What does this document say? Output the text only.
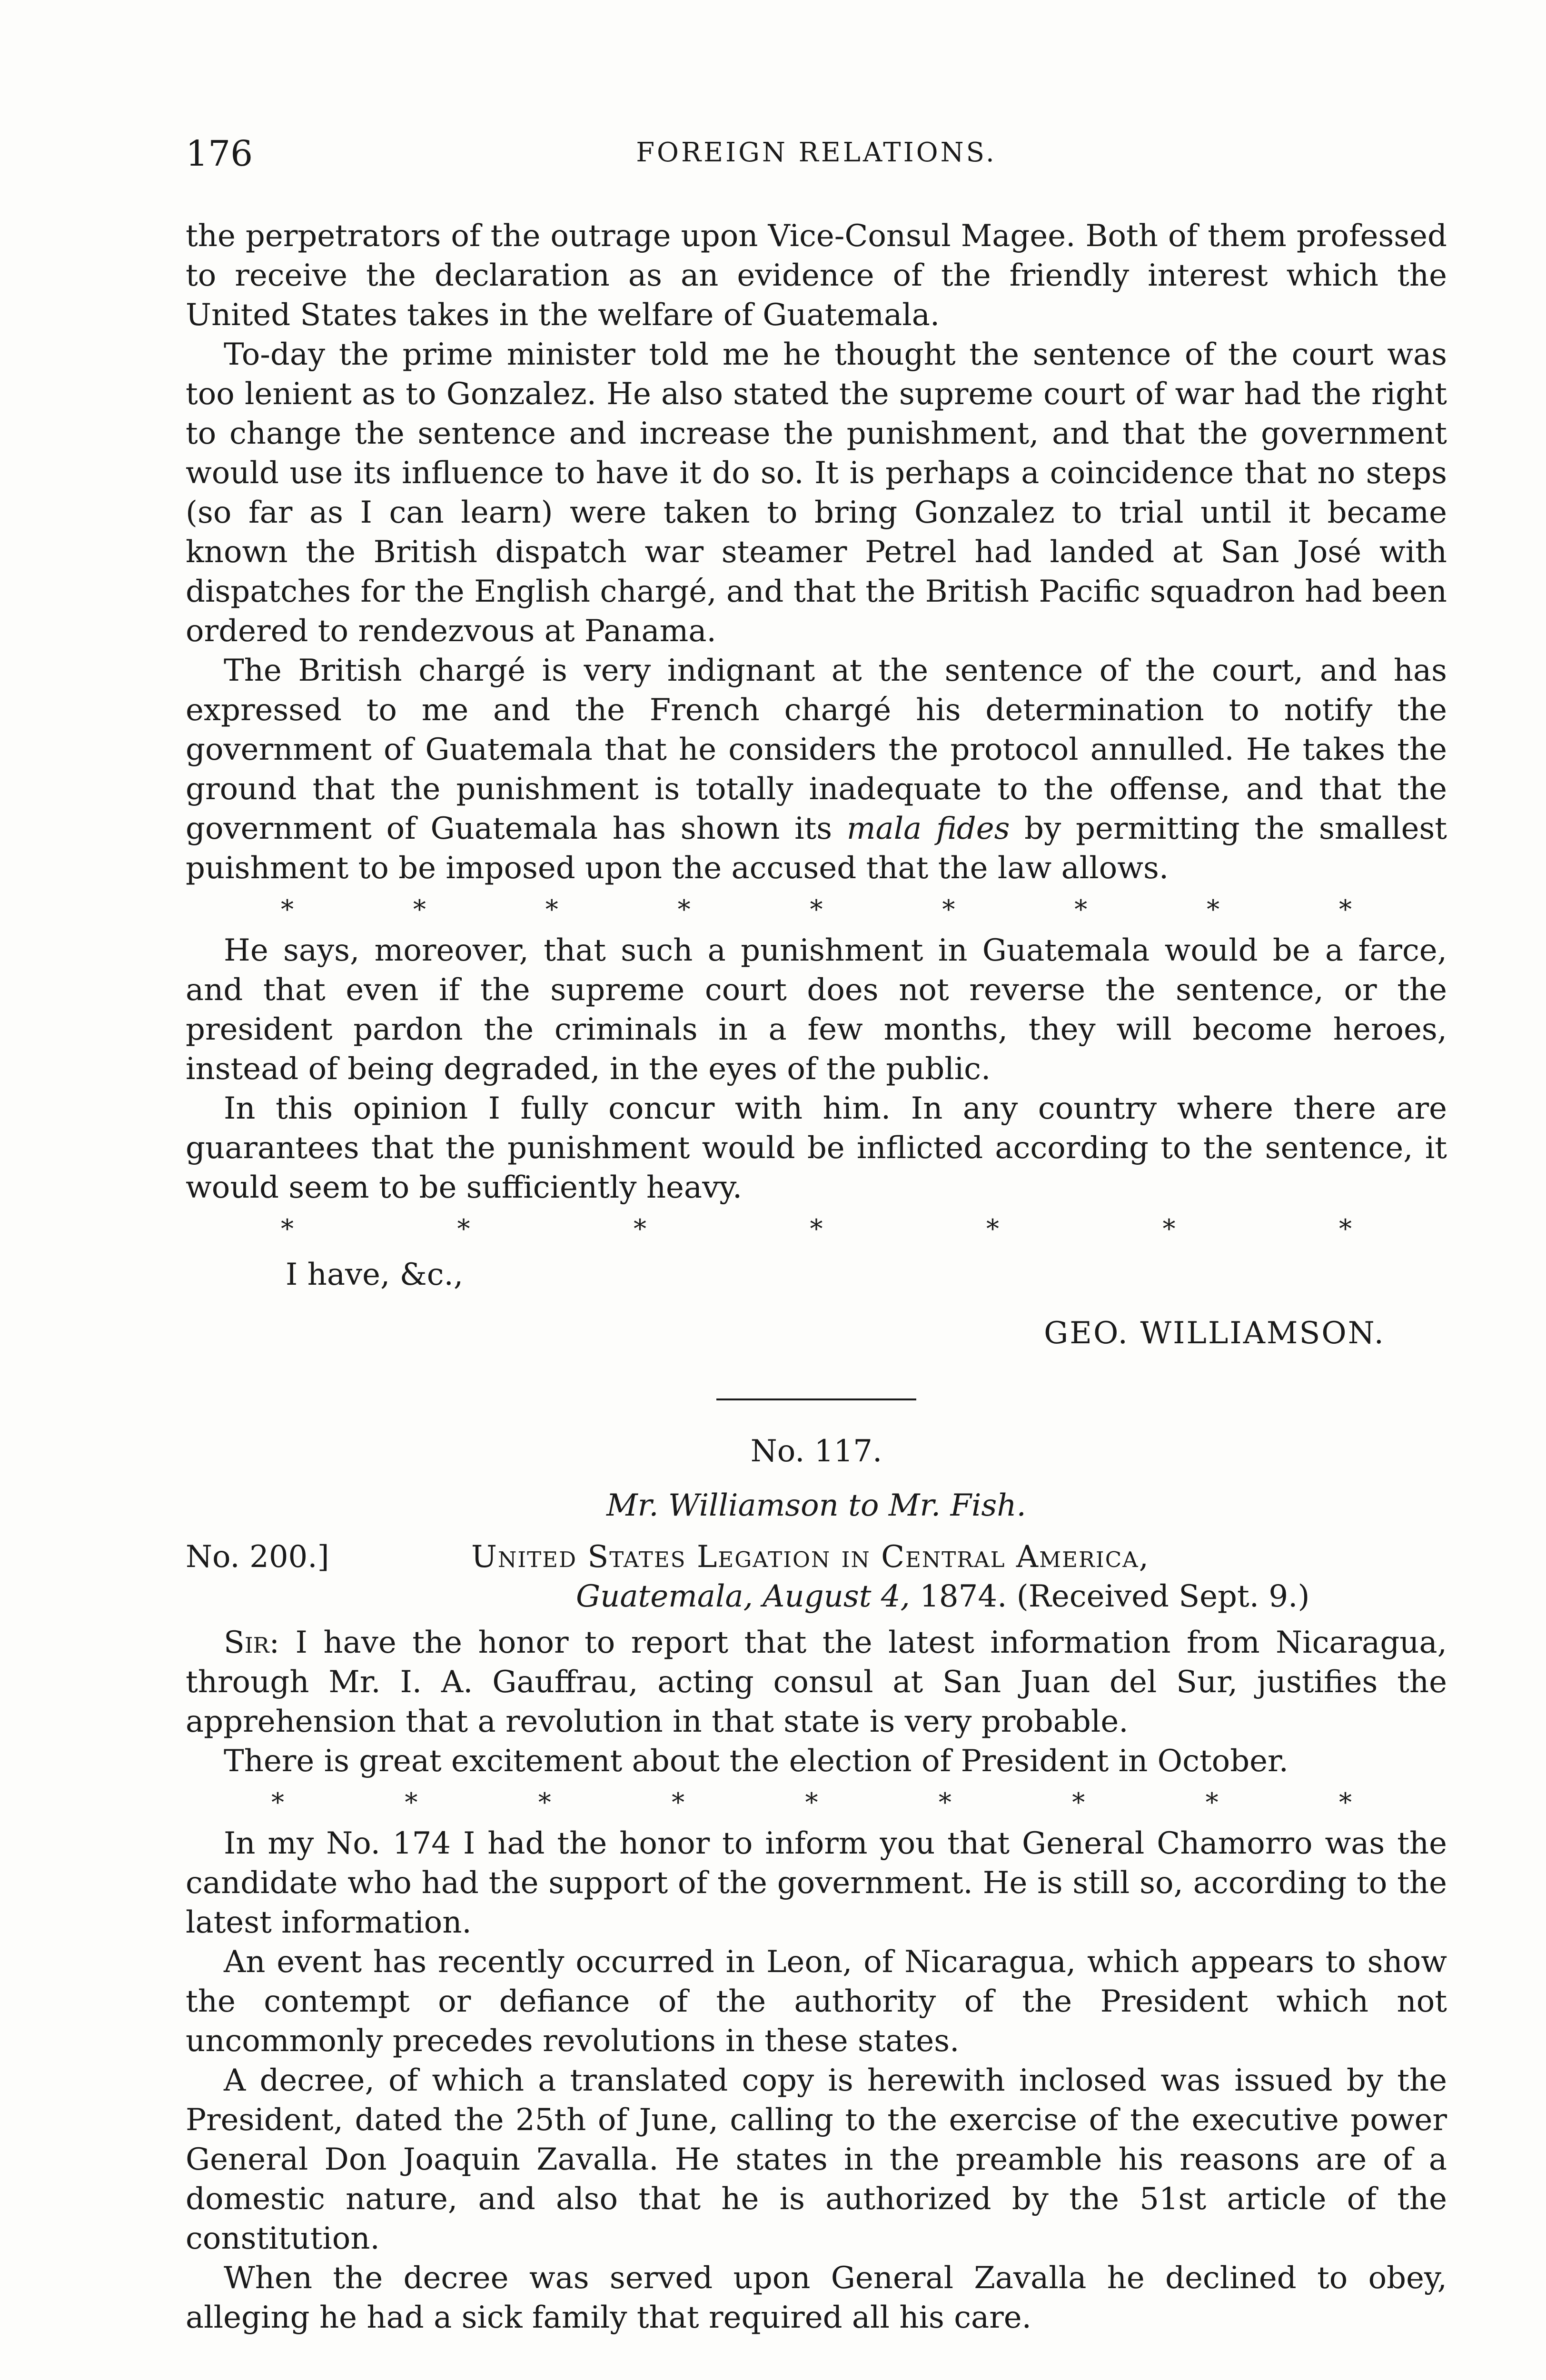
176	FOREIGN RELATIONS.

the perpetrators of the outrage upon Vice-Consul Magee. Both of them professed to receive the declaration as an evidence of the friendly interest which the United States takes in the welfare of Guatemala.

To-day the prime minister told me he thought the sentence of the court was too lenient as to Gonzalez. He also stated the supreme court of war had the right to change the sentence and increase the punishment, and that the government would use its influence to have it do so. It is perhaps a coincidence that no steps (so far as I can learn) were taken to bring Gonzalez to trial until it became known the British dispatch war steamer Petrel had landed at San José with dispatches for the English chargé, and that the British Pacific squadron had been ordered to rendezvous at Panama.

The British chargé is very indignant at the sentence of the court, and has expressed to me and the French chargé his determination to notify the government of Guatemala that he considers the protocol annulled. He takes the ground that the punishment is totally inadequate to the offense, and that the government of Guatemala has shown its mala fides by permitting the smallest puishment to be imposed upon the accused that the law allows.

*	*	*	*	*	*	*	*	*

He says, moreover, that such a punishment in Guatemala would be a farce, and that even if the supreme court does not reverse the sentence, or the president pardon the criminals in a few months, they will become heroes, instead of being degraded, in the eyes of the public.

In this opinion I fully concur with him. In any country where there are guarantees that the punishment would be inflicted according to the sentence, it would seem to be sufficiently heavy.

*	*	*	*	*	*	*
I have, &c.,
GEO. WILLIAMSON.
No. 117.
Mr. Williamson to Mr. Fish.
No. 200.]	United States Legation in Central America,
Guatemala, August 4, 1874. (Received Sept. 9.)

Sir: I have the honor to report that the latest information from Nicaragua, through Mr. I. A. Gauffrau, acting consul at San Juan del Sur, justifies the apprehension that a revolution in that state is very probable.

There is great excitement about the election of President in October.

*	*	*	*	*	*	*	*	*

In my No. 174 I had the honor to inform you that General Chamorro was the candidate who had the support of the government. He is still so, according to the latest information.

An event has recently occurred in Leon, of Nicaragua, which appears to show the contempt or defiance of the authority of the President which not uncommonly precedes revolutions in these states.

A decree, of which a translated copy is herewith inclosed was issued by the President, dated the 25th of June, calling to the exercise of the executive power General Don Joaquin Zavalla. He states in the preamble his reasons are of a domestic nature, and also that he is authorized by the 51st article of the constitution.

When the decree was served upon General Zavalla he declined to obey, alleging he had a sick family that required all his care.
